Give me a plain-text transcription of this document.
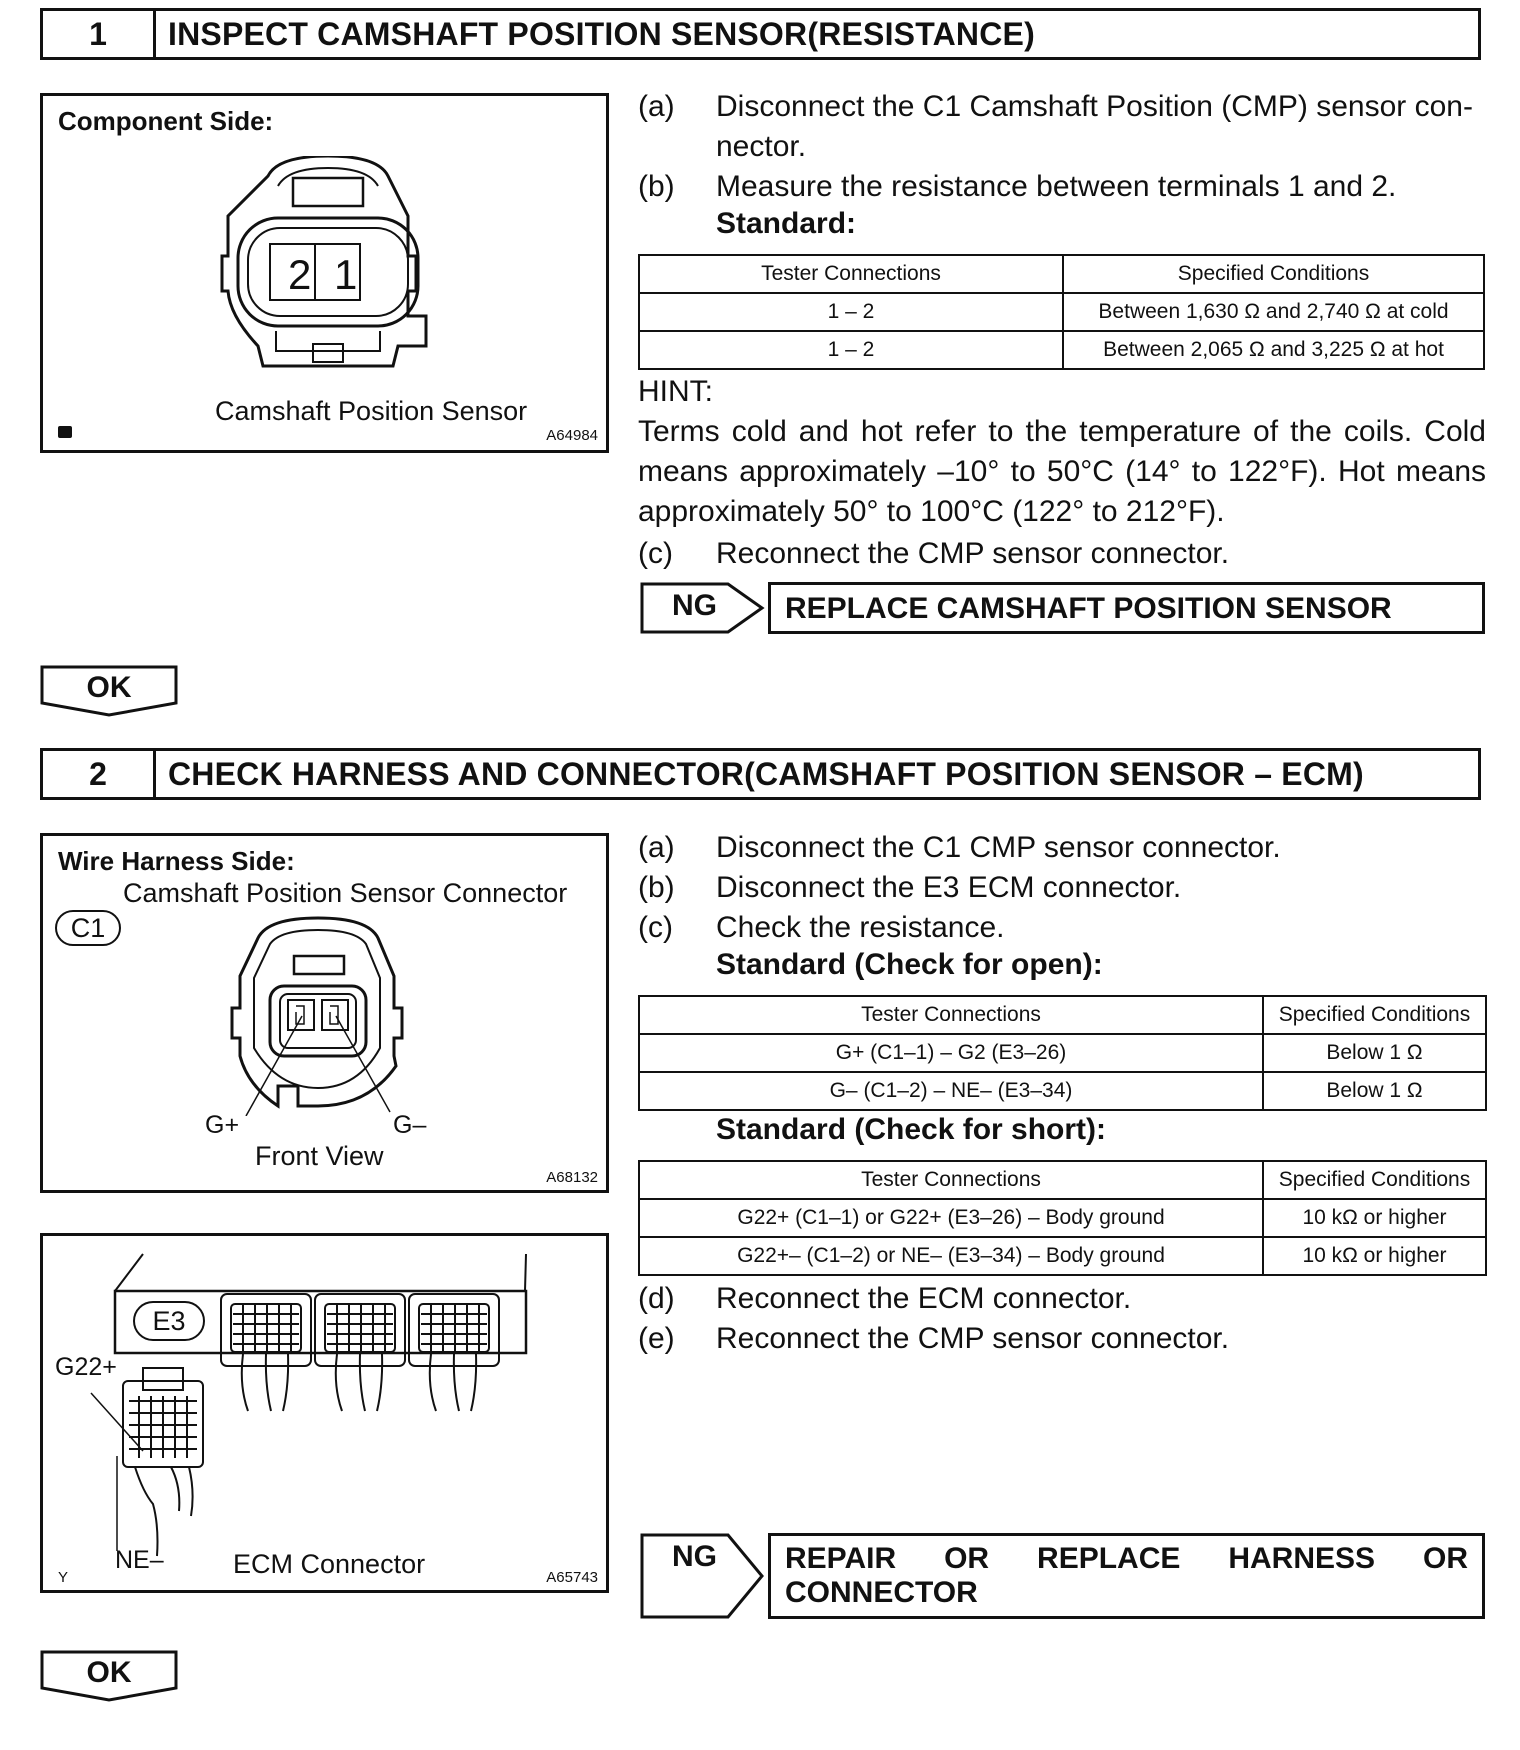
1	INSPECT CAMSHAFT POSITION SENSOR(RESISTANCE)
Component Side:
2 1
Camshaft Position Sensor
A64984
(a) Disconnect the C1 Camshaft Position (CMP) sensor con-
nector.
(b) Measure the resistance between terminals 1 and 2.
Standard:
Tester Connections	Specified Conditions
1 – 2	Between 1,630 Ω and 2,740 Ω at cold
1 – 2	Between 2,065 Ω and 3,225 Ω at hot
HINT:
Terms cold and hot refer to the temperature of the coils. Cold means approximately –10° to 50°C (14° to 122°F). Hot means approximately 50° to 100°C (122° to 212°F).
(c) Reconnect the CMP sensor connector.
NG REPLACE CAMSHAFT POSITION SENSOR
OK
2	CHECK HARNESS AND CONNECTOR(CAMSHAFT POSITION SENSOR – ECM)
Wire Harness Side:
Camshaft Position Sensor Connector
C1
G+	G–
Front View
A68132
E3
G22+
NE–	ECM Connector
Y	A65743
(a) Disconnect the C1 CMP sensor connector.
(b) Disconnect the E3 ECM connector.
(c) Check the resistance.
Standard (Check for open):
Tester Connections	Specified Conditions
G+ (C1–1) – G2 (E3–26)	Below 1 Ω
G– (C1–2) – NE– (E3–34)	Below 1 Ω
Standard (Check for short):
Tester Connections	Specified Conditions
G22+ (C1–1) or G22+ (E3–26) – Body ground	10 kΩ or higher
G22+– (C1–2) or NE– (E3–34) – Body ground	10 kΩ or higher
(d) Reconnect the ECM connector.
(e) Reconnect the CMP sensor connector.
NG REPAIR OR REPLACE HARNESS OR
CONNECTOR
OK
